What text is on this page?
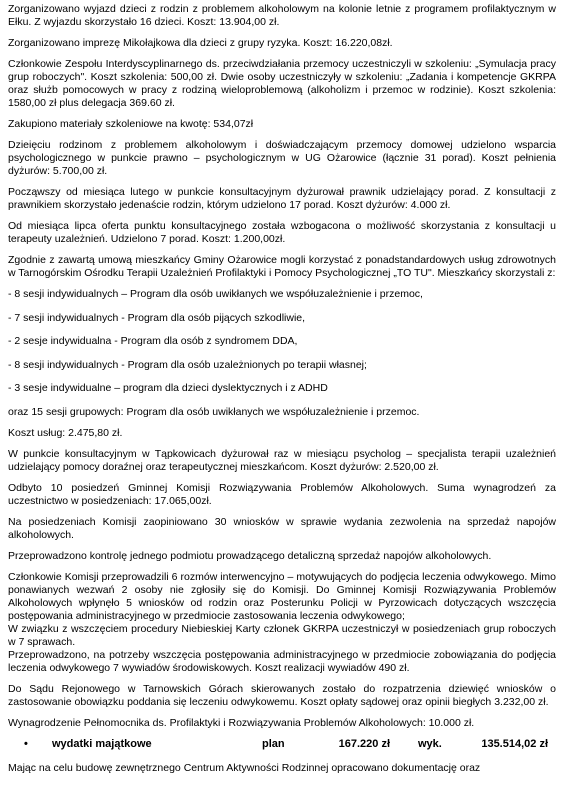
Zorganizowano wyjazd dzieci z rodzin z problemem alkoholowym na kolonie letnie z programem profilaktycznym w Ełku. Z wyjazdu skorzystało 16 dzieci. Koszt: 13.904,00 zł.

Zorganizowano imprezę Mikołajkowa dla dzieci z grupy ryzyka. Koszt: 16.220,08zł.

Członkowie Zespołu Interdyscyplinarnego ds. przeciwdziałania przemocy uczestniczyli w szkoleniu: „Symulacja pracy grup roboczych". Koszt szkolenia: 500,00 zł. Dwie osoby uczestniczyły w szkoleniu: „Zadania i kompetencje GKRPA oraz służb pomocowych w pracy z rodziną wieloproblemową (alkoholizm i przemoc w rodzinie). Koszt szkolenia: 1580,00 zł plus delegacja 369.60 zł.

Zakupiono materiały szkoleniowe na kwotę: 534,07zł

Dzieięciu rodzinom z problemem alkoholowym i doświadczającym przemocy domowej udzielono wsparcia psychologicznego w punkcie prawno – psychologicznym w UG Ożarowice (łącznie 31 porad). Koszt pełnienia dyżurów: 5.700,00 zł.

Począwszy od miesiąca lutego w punkcie konsultacyjnym dyżurował prawnik udzielający porad. Z konsultacji z prawnikiem skorzystało jedenaście rodzin, którym udzielono 17 porad. Koszt dyżurów: 4.000 zł.

Od miesiąca lipca oferta punktu konsultacyjnego została wzbogacona o możliwość skorzystania z konsultacji u terapeuty uzależnień. Udzielono 7 porad. Koszt: 1.200,00zł.

Zgodnie z zawartą umową mieszkańcy Gminy Ożarowice mogli korzystać z ponadstandardowych usług zdrowotnych w Tarnogórskim Ośrodku Terapii Uzależnień Profilaktyki i Pomocy Psychologicznej „TO TU". Mieszkańcy skorzystali z:

- 8 sesji indywidualnych – Program dla osób uwikłanych we współuzależnienie i przemoc,

- 7 sesji indywidualnych - Program dla osób pijących szkodliwie,

- 2 sesje indywidualna - Program dla osób z syndromem DDA,

- 8 sesji indywidualnych - Program dla osób uzależnionych po terapii własnej;

- 3 sesje indywidualne – program dla dzieci dyslektycznych i z ADHD

oraz 15 sesji grupowych: Program dla osób uwikłanych we współuzależnienie i przemoc.

Koszt usług: 2.475,80 zł.

W punkcie konsultacyjnym w Tąpkowicach dyżurował raz w miesiącu psycholog – specjalista terapii uzależnień udzielający pomocy doraźnej oraz terapeutycznej mieszkańcom. Koszt dyżurów: 2.520,00 zł.

Odbyto 10 posiedzeń Gminnej Komisji Rozwiązywania Problemów Alkoholowych. Suma wynagrodzeń za uczestnictwo w posiedzeniach: 17.065,00zł.

Na posiedzeniach Komisji zaopiniowano 30 wniosków w sprawie wydania zezwolenia na sprzedaż napojów alkoholowych.

Przeprowadzono kontrolę jednego podmiotu prowadzącego detaliczną sprzedaż napojów alkoholowych.

Członkowie Komisji przeprowadzili 6 rozmów interwencyjno – motywujących do podjęcia leczenia odwykowego. Mimo ponawianych wezwań 2 osoby nie zgłosiły się do Komisji. Do Gminnej Komisji Rozwiązywania Problemów Alkoholowych wpłynęło 5 wniosków od rodzin oraz Posterunku Policji w Pyrzowicach dotyczących wszczęcia postępowania administracyjnego w przedmiocie zastosowania leczenia odwykowego;

W związku z wszczęciem procedury Niebieskiej Karty członek GKRPA uczestniczył w posiedzeniach grup roboczych w 7 sprawach.

Przeprowadzono, na potrzeby wszczęcia postępowania administracyjnego w przedmiocie zobowiązania do podjęcia leczenia odwykowego 7 wywiadów środowiskowych. Koszt realizacji wywiadów 490 zł.

Do Sądu Rejonowego w Tarnowskich Górach skierowanych zostało do rozpatrzenia dziewięć wniosków o zastosowanie obowiązku poddania się leczeniu odwykowemu. Koszt opłaty sądowej oraz opinii biegłych 3.232,00 zł.

Wynagrodzenie Pełnomocnika ds. Profilaktyki i Rozwiązywania Problemów Alkoholowych: 10.000 zł.

•	wydatki majątkowe	plan	167.220 zł	wyk.	135.514,02 zł

Mając na celu budowę zewnętrznego Centrum Aktywności Rodzinnej opracowano dokumentację oraz
